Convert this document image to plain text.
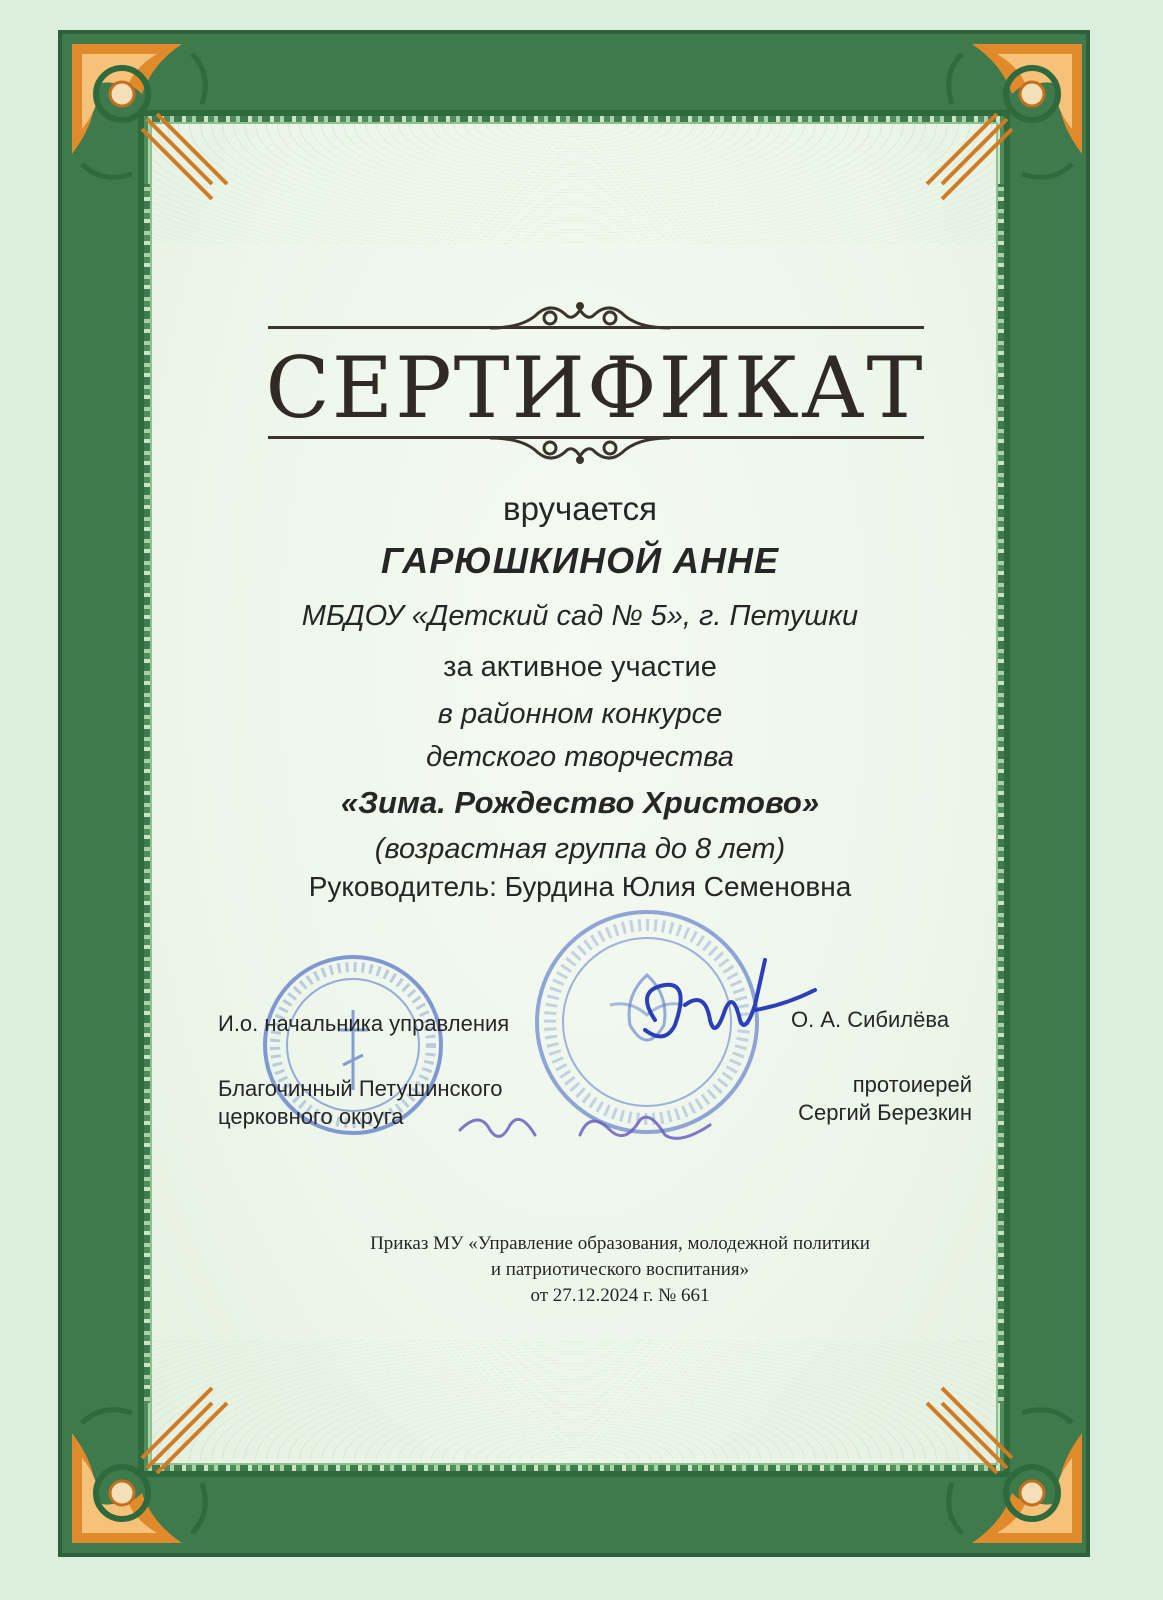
СЕРТИФИКАТ
вручается
ГАРЮШКИНОЙ АННЕ
МБДОУ «Детский сад № 5», г. Петушки
за активное участие
в районном конкурсе
детского творчества
«Зима. Рождество Христово»
(возрастная группа до 8 лет)
Руководитель: Бурдина Юлия Семеновна
И.о. начальника управления	О. А. Сибилёва
Благочинный Петушинского
церковного округа
протоиерей
Сергий Березкин
Приказ МУ «Управление образования, молодежной политики
и патриотического воспитания»
от 27.12.2024 г. № 661
